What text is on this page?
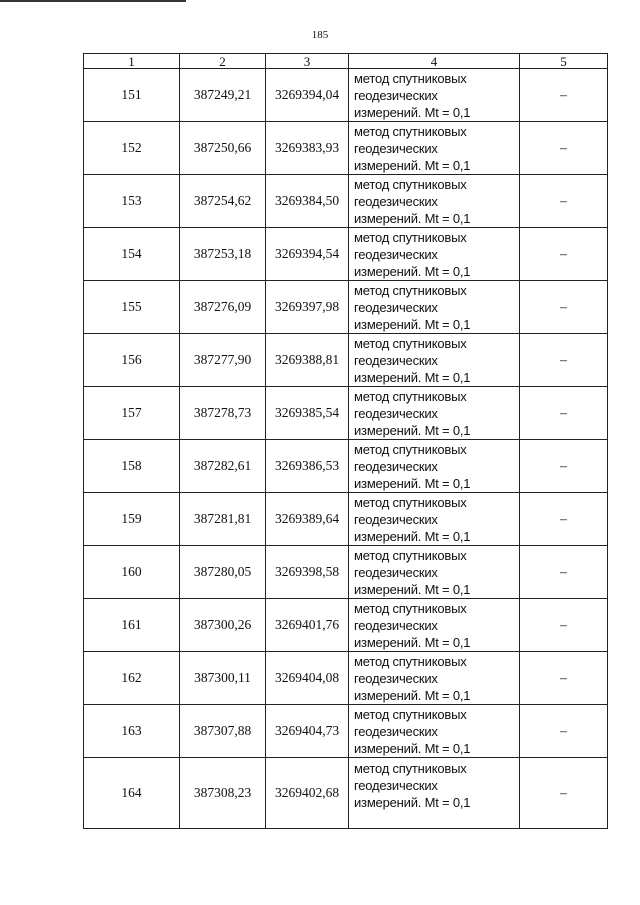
185
1	2	3	4	5
151	387249,21	3269394,04	метод спутниковых
геодезических
измерений. Mt = 0,1	–
152	387250,66	3269383,93	метод спутниковых
геодезических
измерений. Mt = 0,1	–
153	387254,62	3269384,50	метод спутниковых
геодезических
измерений. Mt = 0,1	–
154	387253,18	3269394,54	метод спутниковых
геодезических
измерений. Mt = 0,1	–
155	387276,09	3269397,98	метод спутниковых
геодезических
измерений. Mt = 0,1	–
156	387277,90	3269388,81	метод спутниковых
геодезических
измерений. Mt = 0,1	–
157	387278,73	3269385,54	метод спутниковых
геодезических
измерений. Mt = 0,1	–
158	387282,61	3269386,53	метод спутниковых
геодезических
измерений. Mt = 0,1	–
159	387281,81	3269389,64	метод спутниковых
геодезических
измерений. Mt = 0,1	–
160	387280,05	3269398,58	метод спутниковых
геодезических
измерений. Mt = 0,1	–
161	387300,26	3269401,76	метод спутниковых
геодезических
измерений. Mt = 0,1	–
162	387300,11	3269404,08	метод спутниковых
геодезических
измерений. Mt = 0,1	–
163	387307,88	3269404,73	метод спутниковых
геодезических
измерений. Mt = 0,1	–
164	387308,23	3269402,68	метод спутниковых
геодезических
измерений. Mt = 0,1	–
